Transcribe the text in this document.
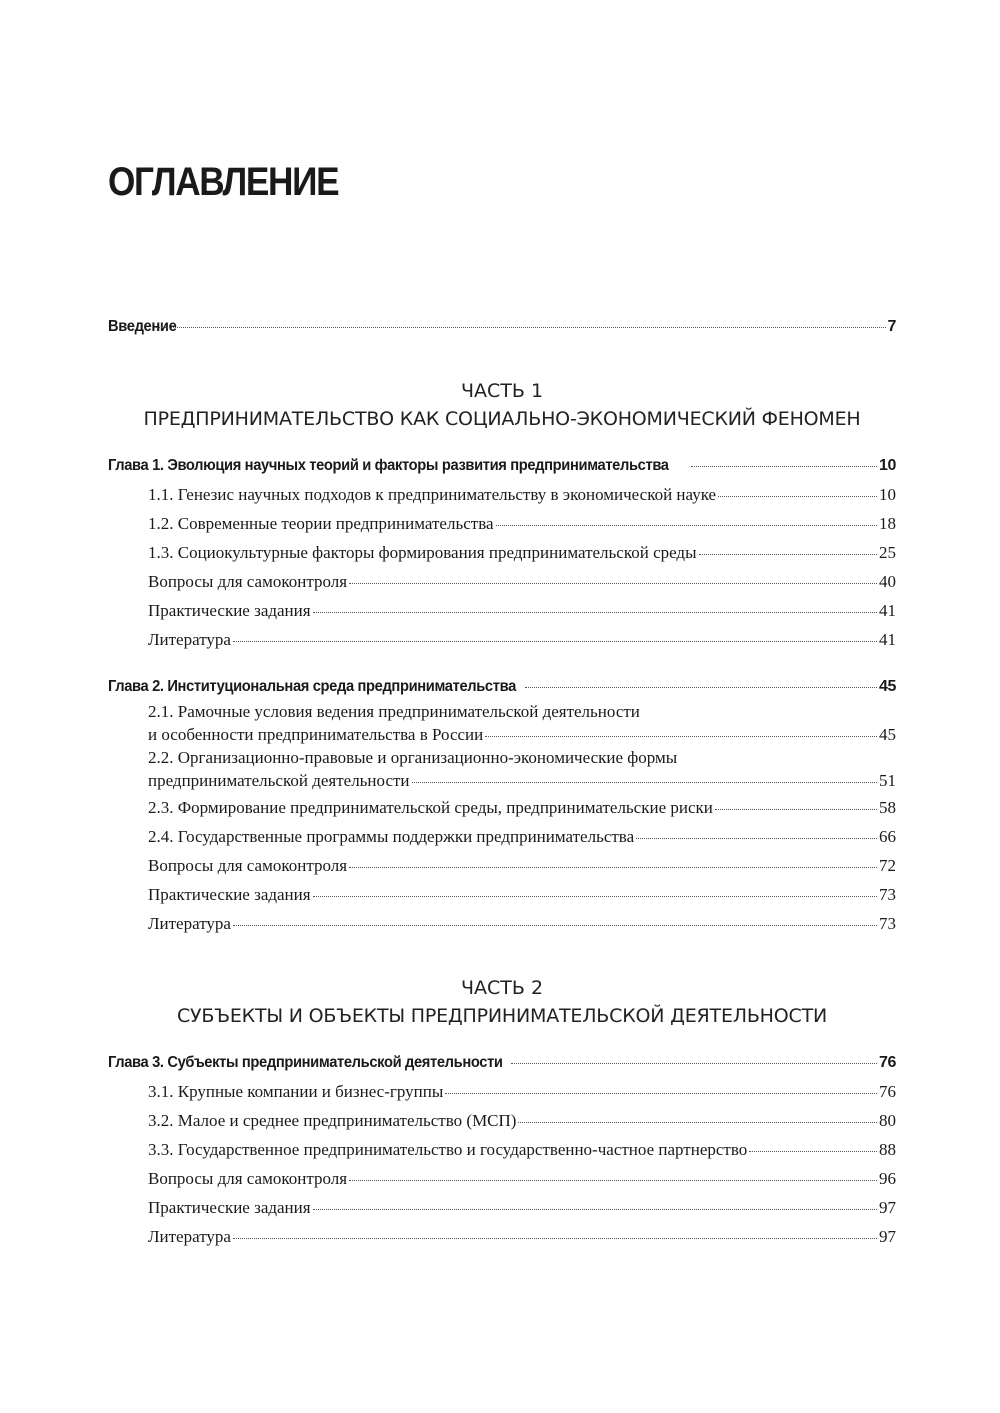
ОГЛАВЛЕНИЕ
Введение	7
ЧАСТЬ 1
ПРЕДПРИНИМАТЕЛЬСТВО КАК СОЦИАЛЬНО-ЭКОНОМИЧЕСКИЙ ФЕНОМЕН
Глава 1. Эволюция научных теорий и факторы развития предпринимательства	10
1.1. Генезис научных подходов к предпринимательству в экономической науке	10
1.2. Современные теории предпринимательства	18
1.3. Социокультурные факторы формирования предпринимательской среды	25
Вопросы для самоконтроля	40
Практические задания	41
Литература	41
Глава 2. Институциональная среда предпринимательства	45
2.1. Рамочные условия ведения предпринимательской деятельности
и особенности предпринимательства в России	45
2.2. Организационно-правовые и организационно-экономические формы
предпринимательской деятельности	51
2.3. Формирование предпринимательской среды, предпринимательские риски	58
2.4. Государственные программы поддержки предпринимательства	66
Вопросы для самоконтроля	72
Практические задания	73
Литература	73
ЧАСТЬ 2
СУБЪЕКТЫ И ОБЪЕКТЫ ПРЕДПРИНИМАТЕЛЬСКОЙ ДЕЯТЕЛЬНОСТИ
Глава 3. Субъекты предпринимательской деятельности	76
3.1. Крупные компании и бизнес-группы	76
3.2. Малое и среднее предпринимательство (МСП)	80
3.3. Государственное предпринимательство и государственно-частное партнерство	88
Вопросы для самоконтроля	96
Практические задания	97
Литература	97
